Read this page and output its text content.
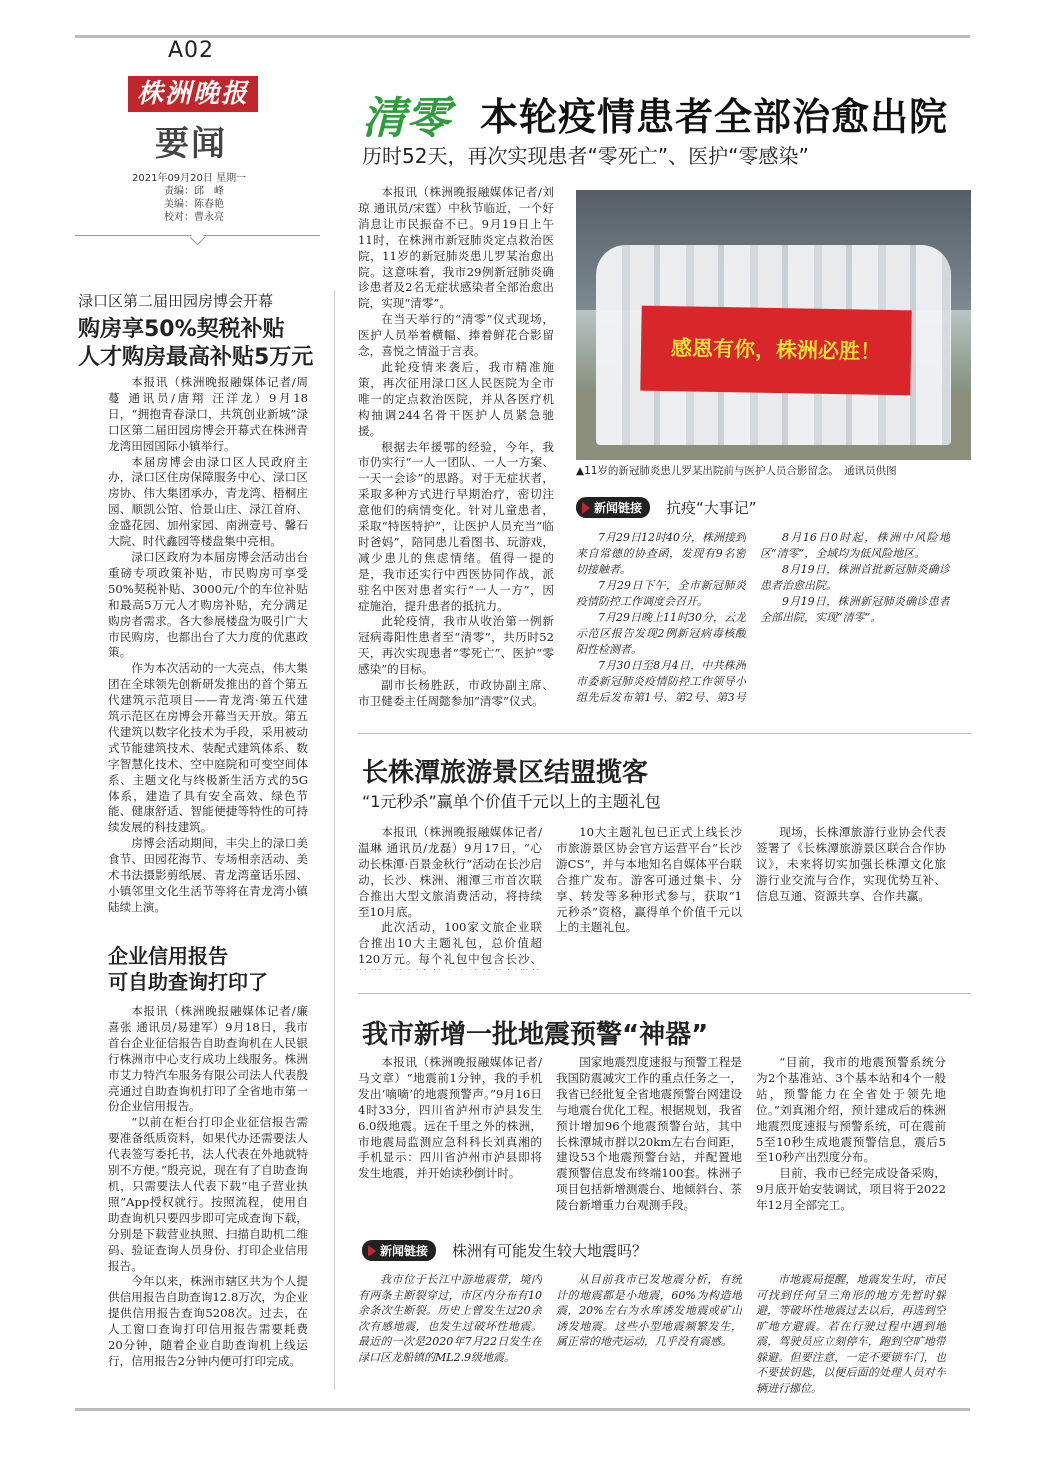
A02
株洲晚报
要闻
2021年09月20日 星期一
责编：邱　峰
美编：陈春艳
校对：曹永亮
清零 本轮疫情患者全部治愈出院
历时52天，再次实现患者“零死亡”、医护“零感染”

本报讯（株洲晚报融媒体记者/刘琼 通讯员/宋霆）中秋节临近，一个好消息让市民振奋不已。9月19日上午11时，在株洲市新冠肺炎定点救治医院，11岁的新冠肺炎患儿罗某治愈出院。这意味着，我市29例新冠肺炎确诊患者及2名无症状感染者全部治愈出院，实现“清零”。

在当天举行的“清零”仪式现场，医护人员举着横幅、捧着鲜花合影留念，喜悦之情溢于言表。

此轮疫情来袭后，我市精准施策，再次征用渌口区人民医院为全市唯一的定点救治医院，并从各医疗机构抽调244名骨干医护人员紧急驰援。

根据去年援鄂的经验，今年，我市仍实行“一人一团队、一人一方案、一天一会诊”的思路。对于无症状者，采取多种方式进行早期治疗，密切注意他们的病情变化。针对儿童患者，采取“特医特护”，让医护人员充当“临时爸妈”，陪同患儿看图书、玩游戏，减少患儿的焦虑情绪。值得一提的是，我市还实行中西医协同作战，派驻名中医对患者实行“一人一方”，因症施治，提升患者的抵抗力。

此轮疫情，我市从收治第一例新冠病毒阳性患者至“清零”，共历时52天，再次实现患者“零死亡”、医护“零感染”的目标。

副市长杨胜跃，市政协副主席、市卫健委主任周懿参加“清零”仪式。

感恩有你，株洲必胜！
▲11岁的新冠肺炎患儿罗某出院前与医护人员合影留念。　通讯员供图
新闻链接 抗疫“大事记”

7月29日12时40分，株洲接到来自常德的协查函，发现有9名密切接触者。

7月29日下午，全市新冠肺炎疫情防控工作调度会召开。

7月29日晚上11时30分，云龙示范区报告发现2例新冠病毒核酸阳性检测者。

7月30日至8月4日，中共株洲市委新冠肺炎疫情防控工作领导小组先后发布第1号、第2号、第3号

8月16日0时起，株洲中风险地区“清零”，全域均为低风险地区。

8月19日，株洲首批新冠肺炎确诊患者治愈出院。

9月19日，株洲新冠肺炎确诊患者全部出院，实现“清零”。

渌口区第二届田园房博会开幕
购房享50%契税补贴
人才购房最高补贴5万元

本报讯（株洲晚报融媒体记者/周蔓 通讯员/唐翔 汪洋龙）9月18日，“拥抱青春渌口，共筑创业新城”渌口区第二届田园房博会开幕式在株洲青龙湾田园国际小镇举行。

本届房博会由渌口区人民政府主办，渌口区住房保障服务中心、渌口区房协、伟大集团承办，青龙湾、梧桐庄园、顺凯公馆、恰景山庄、渌江首府、金盛花园、加州家园、南洲壹号、馨石大院、时代鑫园等楼盘集中亮相。

渌口区政府为本届房博会活动出台重磅专项政策补贴，市民购房可享受50%契税补贴、3000元/个的车位补贴和最高5万元人才购房补贴，充分满足购房者需求。各大参展楼盘为吸引广大市民购房，也都出台了大力度的优惠政策。

作为本次活动的一大亮点，伟大集团在全球领先创新研发推出的首个第五代建筑示范项目——青龙湾·第五代建筑示范区在房博会开幕当天开放。第五代建筑以数字化技术为手段，采用被动式节能建筑技术、装配式建筑体系、数字智慧化技术、空中庭院和可变空间体系、主题文化与终极新生活方式的5G体系，建造了具有安全高效、绿色节能、健康舒适、智能便捷等特性的可持续发展的科技建筑。

房博会活动期间，丰尖上的渌口美食节、田园花海节、专场相亲活动、美术书法摄影剪纸展、青龙湾童话乐园、小镇邻里文化生活节等将在青龙湾小镇陆续上演。

企业信用报告
可自助查询打印了

本报讯（株洲晚报融媒体记者/廉喜张 通讯员/易建军）9月18日，我市首台企业征信报告自助查询机在人民银行株洲市中心支行成功上线服务。株洲市艾力特汽车服务有限公司法人代表殷亮通过自助查询机打印了全省地市第一份企业信用报告。

“以前在柜台打印企业征信报告需要准备纸质资料，如果代办还需要法人代表签写委托书，法人代表在外地就特别不方便。”殷亮说，现在有了自助查询机，只需要法人代表下载“电子营业执照”App授权就行。按照流程，使用自助查询机只要四步即可完成查询下载，分别是下载营业执照、扫描自助机二维码、验证查询人员身份、打印企业信用报告。

今年以来，株洲市辖区共为个人提供信用报告自助查询12.8万次，为企业提供信用报告查询5208次。过去，在人工窗口查询打印信用报告需要耗费20分钟，随着企业自助查询机上线运行，信用报告2分钟内便可打印完成。

长株潭旅游景区结盟揽客
“1元秒杀”赢单个价值千元以上的主题礼包

本报讯（株洲晚报融媒体记者/温琳 通讯员/龙磊）9月17日，“心动长株潭·百景金秋行”活动在长沙启动，长沙、株洲、湘潭三市首次联合推出大型文旅消费活动，将持续至10月底。

此次活动，100家文旅企业联合推出10大主题礼包，总价值超120万元。每个礼包中包含长沙、

10大主题礼包已正式上线长沙市旅游景区协会官方运营平台“长沙游CS”，并与本地知名自媒体平台联合推广发布。游客可通过集卡、分享、转发等多种形式参与，获取“1元秒杀”资格，赢得单个价值千元以上的主题礼包。

现场，长株潭旅游行业协会代表签署了《长株潭旅游景区联合合作协议》，未来将切实加强长株潭文化旅游行业交流与合作，实现优势互补、信息互通、资源共享、合作共赢。

我市新增一批地震预警“神器”

本报讯（株洲晚报融媒体记者/马文章）“地震前1分钟，我的手机发出‘嘀嘀’的地震预警声。”9月16日4时33分，四川省泸州市泸县发生6.0级地震。远在千里之外的株洲，市地震局监测应急科科长刘真湘的手机显示：四川省泸州市泸县即将发生地震，并开始读秒倒计时。

国家地震烈度速报与预警工程是我国防震减灾工作的重点任务之一，我省已经批复全省地震预警台网建设与地震台优化工程。根据规划，我省预计增加96个地震预警台站，其中长株潭城市群以20km左右台间距，建设53个地震预警台站，并配置地震预警信息发布终端100套。株洲子项目包括新增测震台、地倾斜台、茶陵台新增重力台观测手段。

“目前，我市的地震预警系统分为2个基准站、3个基本站和4个一般站，预警能力在全省处于领先地位。”刘真湘介绍，预计建成后的株洲地震烈度速报与预警系统，可在震前5至10秒生成地震预警信息，震后5至10秒产出烈度分布。

目前，我市已经完成设备采购，9月底开始安装调试，项目将于2022年12月全部完工。

新闻链接 株洲有可能发生较大地震吗？

我市位于长江中游地震带，境内有两条主断裂穿过，市区内分布有10余条次生断裂。历史上曾发生过20余次有感地震，也发生过破坏性地震。最近的一次是2020年7月22日发生在渌口区龙船镇的ML2.9级地震。

从目前我市已发地震分析，有统计的地震都是小地震，60%为构造地震，20%左右为水库诱发地震或矿山诱发地震。这些小型地震频繁发生，属正常的地壳运动，几乎没有震感。

市地震局提醒，地震发生时，市民可找到任何呈三角形的地方先暂时躲避，等破坏性地震过去以后，再选到空旷地方避震。若在行驶过程中遇到地震，驾驶员应立刻停车，跑到空旷地带躲避。但要注意，一定不要锁车门，也不要拔钥匙，以便后面的处理人员对车辆进行挪位。
